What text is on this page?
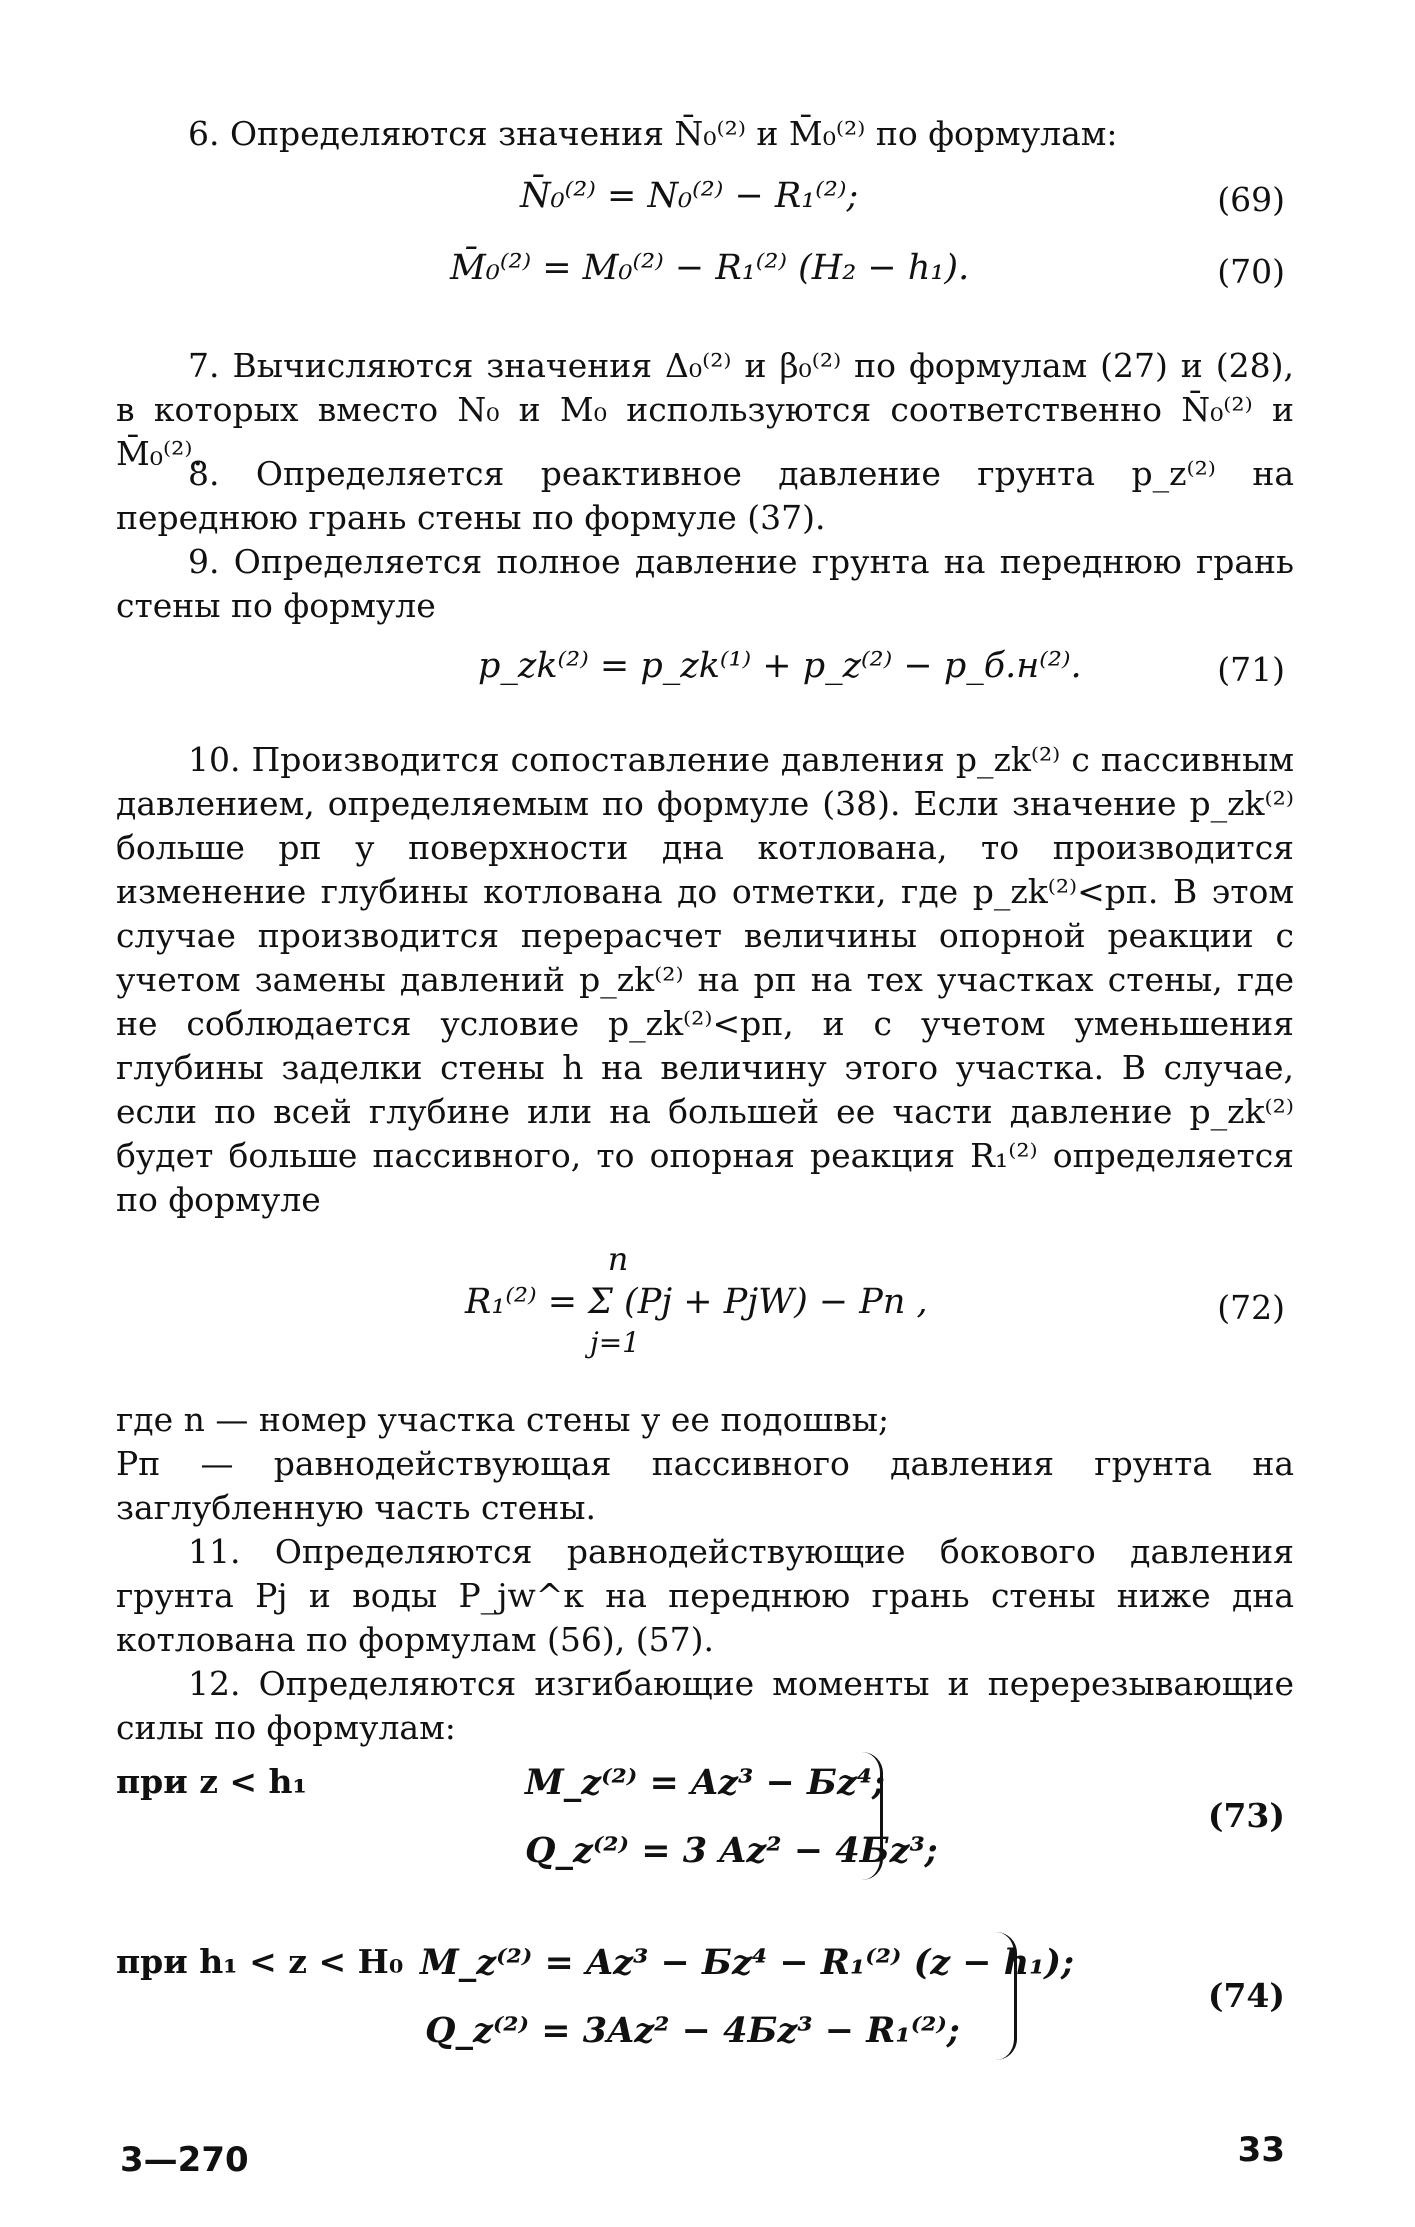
6. Определяются значения N̄₀⁽²⁾ и M̄₀⁽²⁾ по формулам:
N̄₀⁽²⁾ = N₀⁽²⁾ − R₁⁽²⁾;	(69)
M̄₀⁽²⁾ = M₀⁽²⁾ − R₁⁽²⁾ (H₂ − h₁).	(70)
7. Вычисляются значения Δ₀⁽²⁾ и β₀⁽²⁾ по формулам (27) и (28), в которых вместо N₀ и M₀ используются соответственно N̄₀⁽²⁾ и M̄₀⁽²⁾.
8. Определяется реактивное давление грунта p_z⁽²⁾ на переднюю грань стены по формуле (37).
9. Определяется полное давление грунта на переднюю грань стены по формуле
p_zk⁽²⁾ = p_zk⁽¹⁾ + p_z⁽²⁾ − p_б.н⁽²⁾.	(71)
10. Производится сопоставление давления p_zk⁽²⁾ с пассивным давлением, определяемым по формуле (38). Если значение p_zk⁽²⁾ больше pп у поверхности дна котлована, то производится изменение глубины котлована до отметки, где p_zk⁽²⁾<pп. В этом случае производится перерасчет величины опорной реакции с учетом замены давлений p_zk⁽²⁾ на pп на тех участках стены, где не соблюдается условие p_zk⁽²⁾<pп, и с учетом уменьшения глубины заделки стены h на величину этого участка. В случае, если по всей глубине или на большей ее части давление p_zk⁽²⁾ будет больше пассивного, то опорная реакция R₁⁽²⁾ определяется по формуле
n
R₁⁽²⁾ = Σ (Pj + PjW) − Pп ,
j=1
(72)
где n — номер участка стены у ее подошвы;
Pп — равнодействующая пассивного давления грунта на заглубленную часть стены.
11. Определяются равнодействующие бокового давления грунта Pj и воды P_jw^к на переднюю грань стены ниже дна котлована по формулам (56), (57).
12. Определяются изгибающие моменты и перерезывающие силы по формулам:
при z < h₁	M_z⁽²⁾ = Az³ − Бz⁴;
Q_z⁽²⁾ = 3 Az² − 4Бz³;
(73)
при h₁ < z < H₀ M_z⁽²⁾ = Az³ − Бz⁴ − R₁⁽²⁾ (z − h₁);
Q_z⁽²⁾ = 3Az² − 4Бz³ − R₁⁽²⁾;
(74)
3—270	33
